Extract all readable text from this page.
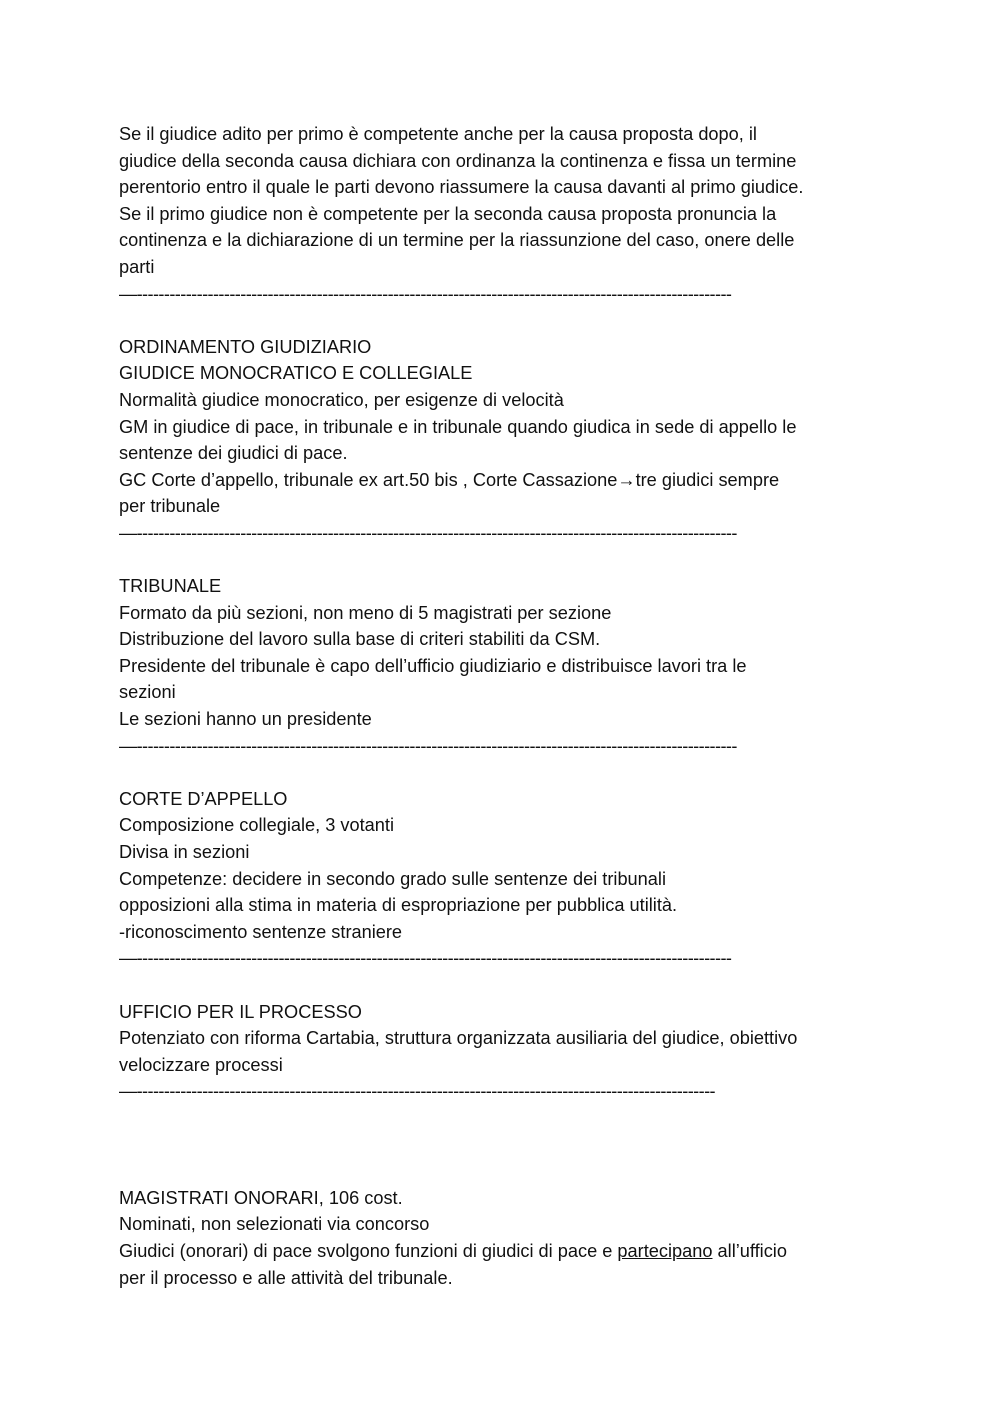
Se il giudice adito per primo è competente anche per la causa proposta dopo, il
giudice della seconda causa dichiara con ordinanza la continenza e fissa un termine
perentorio entro il quale le parti devono riassumere la causa davanti al primo giudice.
Se il primo giudice non è competente per la seconda causa proposta pronuncia la
continenza e la dichiarazione di un termine per la riassunzione del caso, onere delle
parti
—-------------------------------------------------------------------------------------------------------------
ORDINAMENTO GIUDIZIARIO
GIUDICE MONOCRATICO E COLLEGIALE
Normalità giudice monocratico, per esigenze di velocità
GM in giudice di pace, in tribunale e in tribunale quando giudica in sede di appello le
sentenze dei giudici di pace.
GC Corte d’appello, tribunale ex art.50 bis , Corte Cassazione→tre giudici sempre
per tribunale
—--------------------------------------------------------------------------------------------------------------
TRIBUNALE
Formato da più sezioni, non meno di 5 magistrati per sezione
Distribuzione del lavoro sulla base di criteri stabiliti da CSM.
Presidente del tribunale è capo dell’ufficio giudiziario e distribuisce lavori tra le
sezioni
Le sezioni hanno un presidente
—--------------------------------------------------------------------------------------------------------------
CORTE D’APPELLO
Composizione collegiale, 3 votanti
Divisa in sezioni
Competenze: decidere in secondo grado sulle sentenze dei tribunali
opposizioni alla stima in materia di espropriazione per pubblica utilità.
-riconoscimento sentenze straniere
—-------------------------------------------------------------------------------------------------------------
UFFICIO PER IL PROCESSO
Potenziato con riforma Cartabia, struttura organizzata ausiliaria del giudice, obiettivo
velocizzare processi
—----------------------------------------------------------------------------------------------------------
MAGISTRATI ONORARI, 106 cost.
Nominati, non selezionati via concorso
Giudici (onorari) di pace svolgono funzioni di giudici di pace e partecipano all’ufficio
per il processo e alle attività del tribunale.
